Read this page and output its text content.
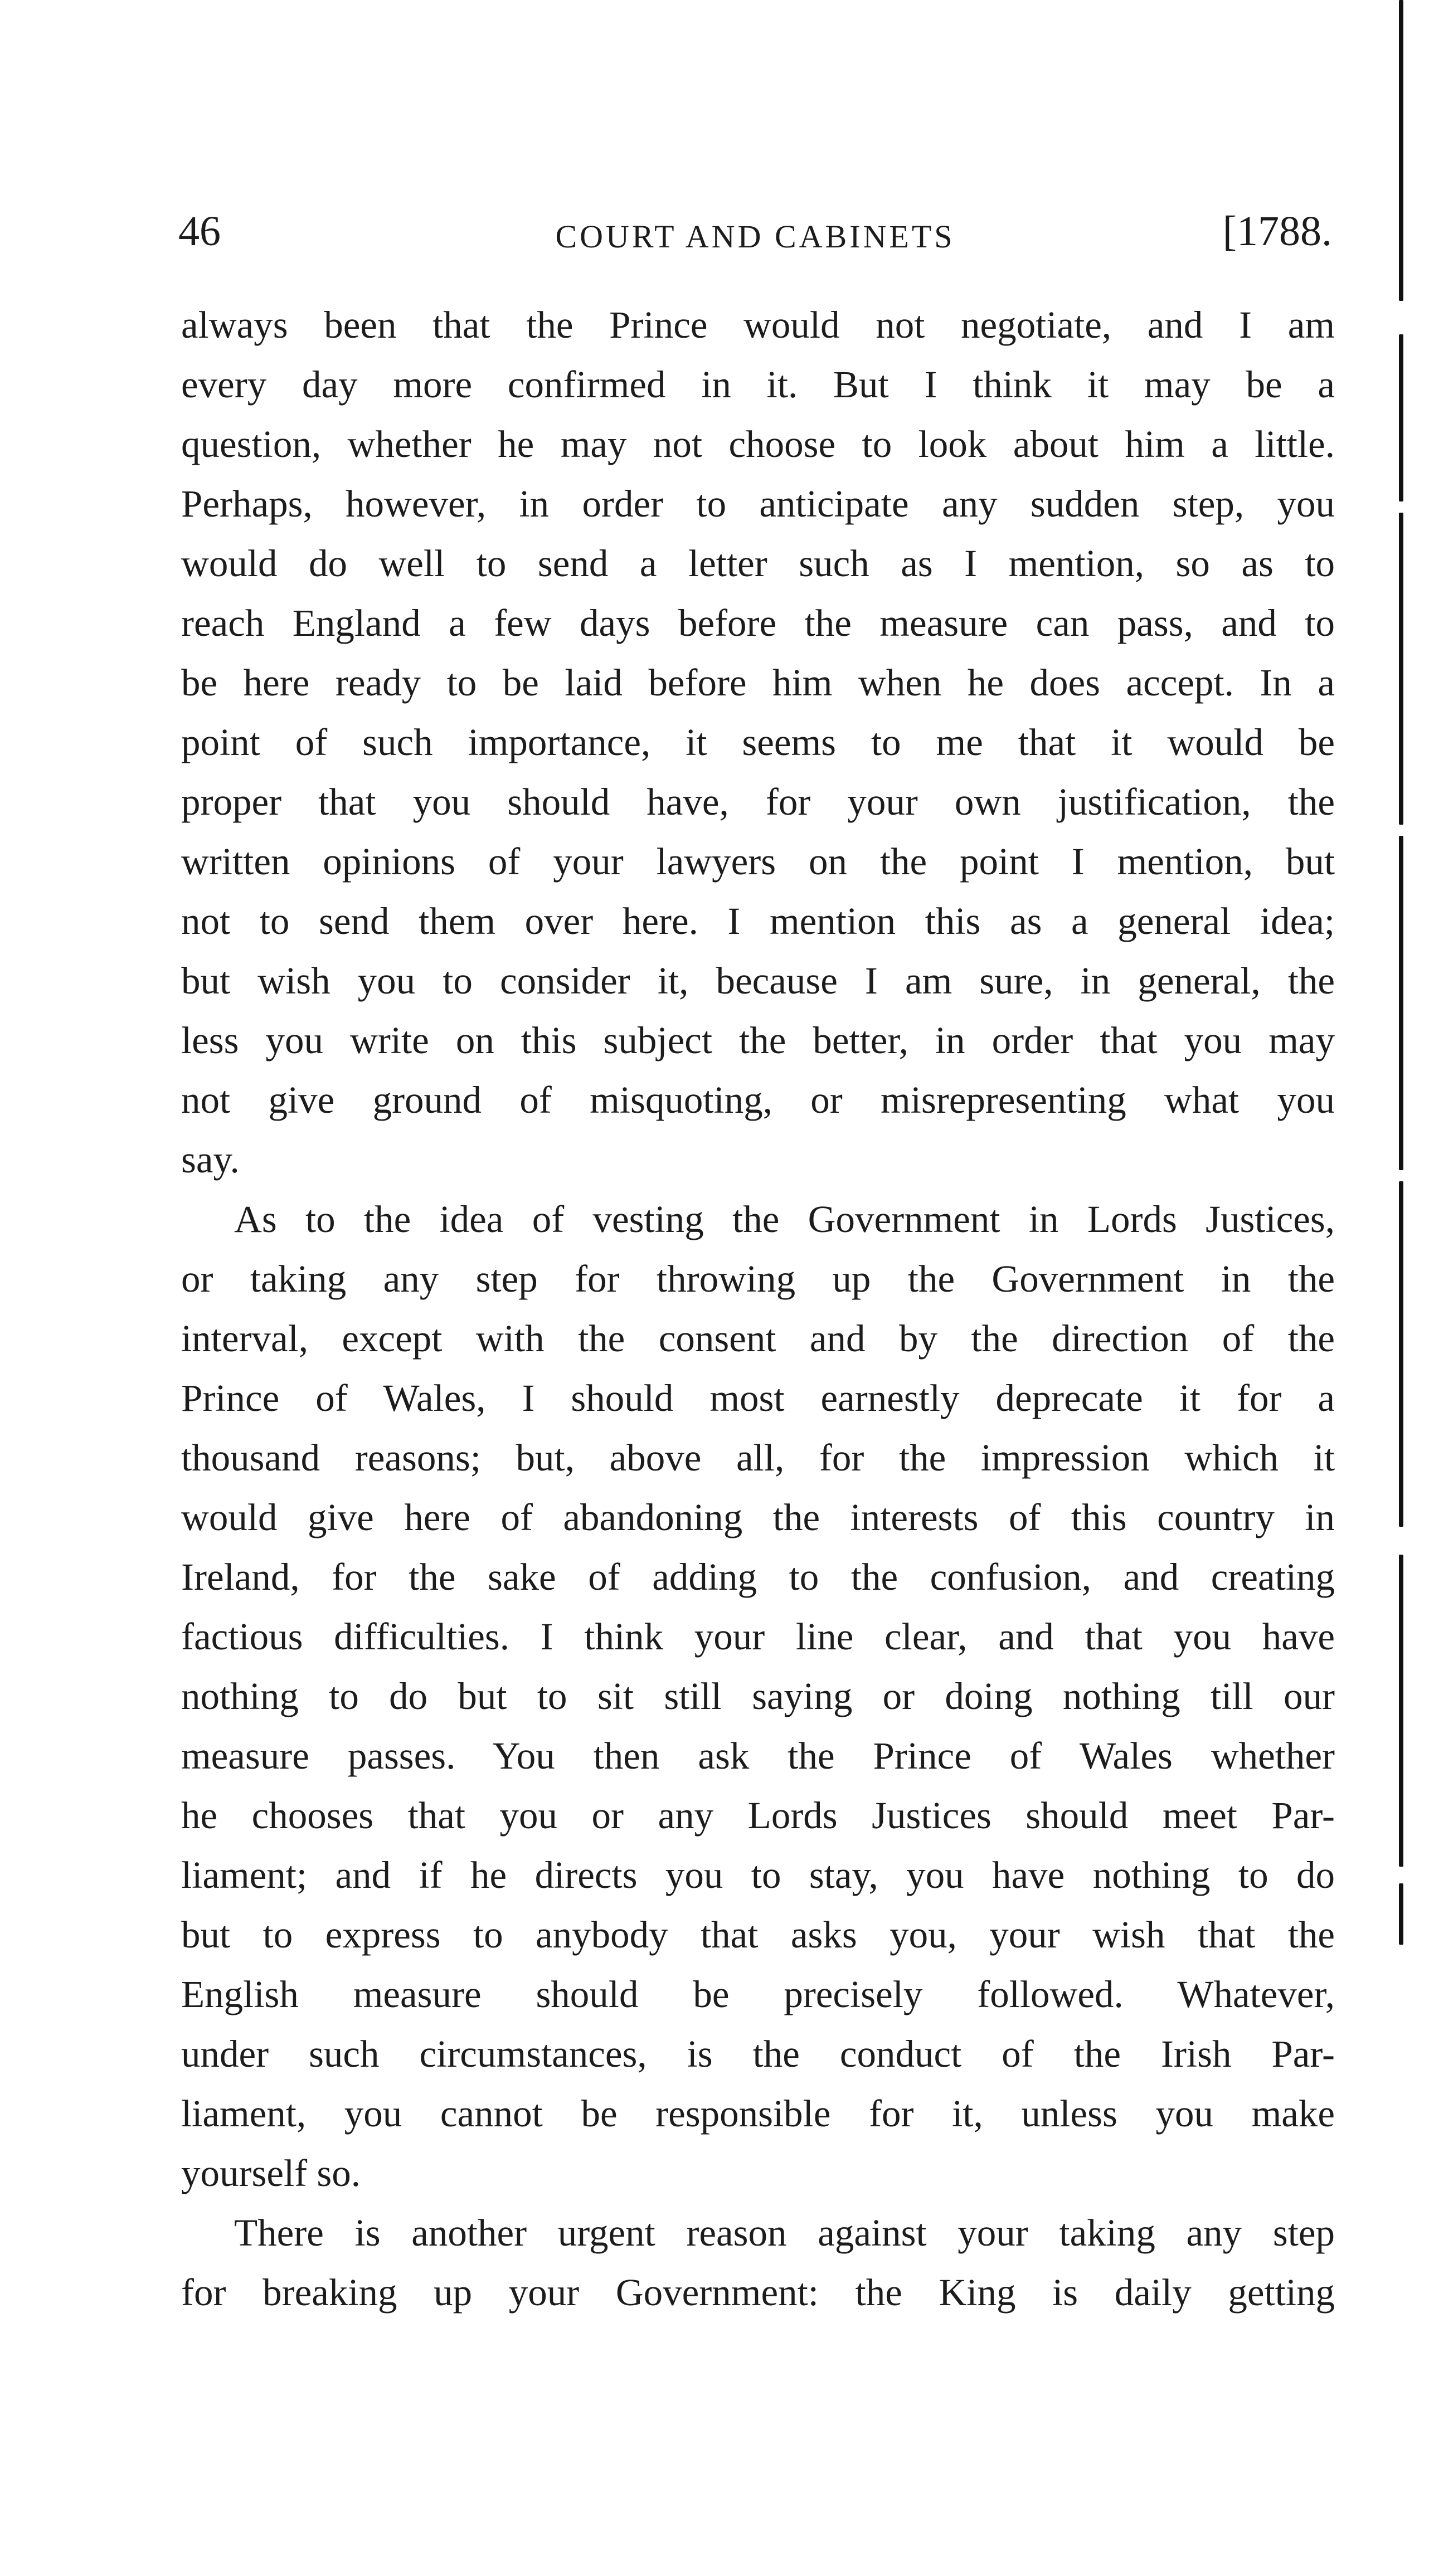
46	COURT AND CABINETS	[1788.
always been that the Prince would not negotiate, and I am
every day more confirmed in it. But I think it may be a
question, whether he may not choose to look about him a little.
Perhaps, however, in order to anticipate any sudden step, you
would do well to send a letter such as I mention, so as to
reach England a few days before the measure can pass, and to
be here ready to be laid before him when he does accept. In a
point of such importance, it seems to me that it would be
proper that you should have, for your own justification, the
written opinions of your lawyers on the point I mention, but
not to send them over here. I mention this as a general idea;
but wish you to consider it, because I am sure, in general, the
less you write on this subject the better, in order that you may
not give ground of misquoting, or misrepresenting what you
say.
As to the idea of vesting the Government in Lords Justices,
or taking any step for throwing up the Government in the
interval, except with the consent and by the direction of the
Prince of Wales, I should most earnestly deprecate it for a
thousand reasons; but, above all, for the impression which it
would give here of abandoning the interests of this country in
Ireland, for the sake of adding to the confusion, and creating
factious difficulties. I think your line clear, and that you have
nothing to do but to sit still saying or doing nothing till our
measure passes. You then ask the Prince of Wales whether
he chooses that you or any Lords Justices should meet Par-
liament; and if he directs you to stay, you have nothing to do
but to express to anybody that asks you, your wish that the
English measure should be precisely followed. Whatever,
under such circumstances, is the conduct of the Irish Par-
liament, you cannot be responsible for it, unless you make
yourself so.
There is another urgent reason against your taking any step
for breaking up your Government: the King is daily getting
